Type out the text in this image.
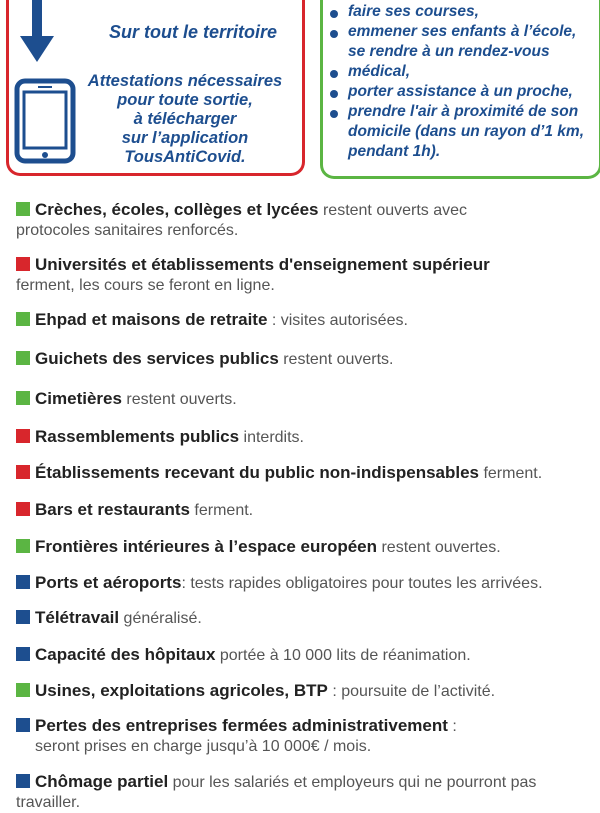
Sur tout le territoire
Attestations nécessaires
pour toute sortie,
à télécharger
sur l’application
TousAntiCovid.
faire ses courses,
emmener ses enfants à l’école,
se rendre à un rendez-vous
médical,
porter assistance à un proche,
prendre l'air à proximité de son
domicile (dans un rayon d’1 km,
pendant 1h).
Crèches, écoles, collèges et lycées restent ouverts avec
protocoles sanitaires renforcés.
Universités et établissements d'enseignement supérieur
ferment, les cours se feront en ligne.
Ehpad et maisons de retraite : visites autorisées.
Guichets des services publics restent ouverts.
Cimetières restent ouverts.
Rassemblements publics interdits.
Établissements recevant du public non-indispensables ferment.
Bars et restaurants ferment.
Frontières intérieures à l’espace européen restent ouvertes.
Ports et aéroports: tests rapides obligatoires pour toutes les arrivées.
Télétravail généralisé.
Capacité des hôpitaux portée à 10 000 lits de réanimation.
Usines, exploitations agricoles, BTP : poursuite de l’activité.
Pertes des entreprises fermées administrativement :
seront prises en charge jusqu’à 10 000€ / mois.
Chômage partiel pour les salariés et employeurs qui ne pourront pas
travailler.
